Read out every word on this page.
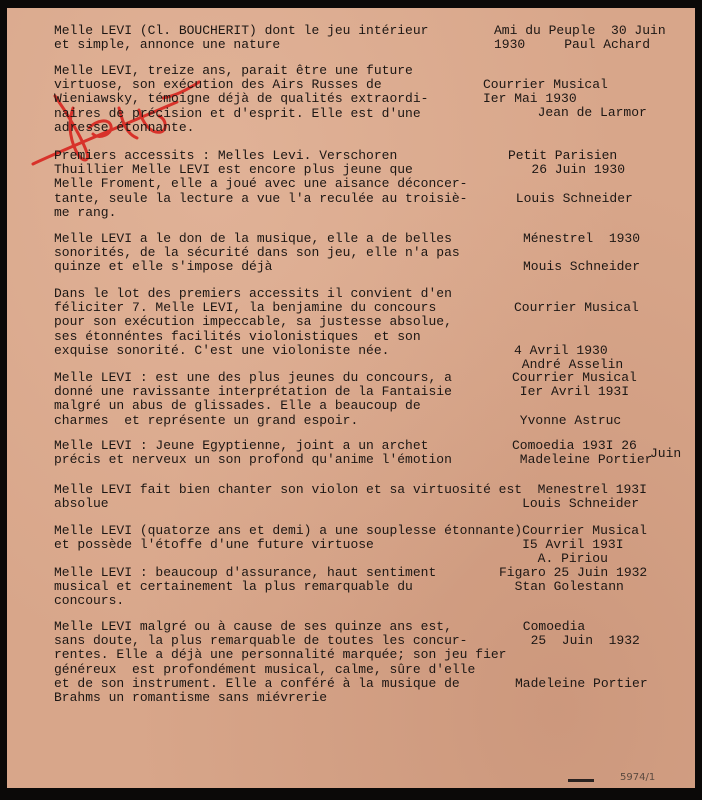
Melle LEVI (Cl. BOUCHERIT) dont le jeu intérieur
et simple, annonce une nature
Ami du Peuple  30 Juin
1930     Paul Achard
Melle LEVI, treize ans, parait être une future
virtuose, son exécution des Airs Russes de
Wieniawsky, témoigne déjà de qualités extraordi-
naires de précision et d'esprit. Elle est d'une
adresse étonnante.
Courrier Musical
Ier Mai 1930
Jean de Larmor
Premiers accessits : Melles Levi. Verschoren
Thuillier Melle LEVI est encore plus jeune que
Melle Froment, elle a joué avec une aisance déconcer-
tante, seule la lecture a vue l'a reculée au troisiè-
me rang.
Petit Parisien
26 Juin 1930

Louis Schneider
Melle LEVI a le don de la musique, elle a de belles
sonorités, de la sécurité dans son jeu, elle n'a pas
quinze et elle s'impose déjà
Ménestrel  1930

Mouis Schneider
Dans le lot des premiers accessits il convient d'en
féliciter 7. Melle LEVI, la benjamine du concours
pour son exécution impeccable, sa justesse absolue,
ses étonnéntes facilités violonistiques  et son
exquise sonorité. C'est une violoniste née.
Courrier Musical

4 Avril 1930
André Asselin
Melle LEVI : est une des plus jeunes du concours, a
donné une ravissante interprétation de la Fantaisie
malgré un abus de glissades. Elle a beaucoup de
charmes  et représente un grand espoir.
Courrier Musical
Ier Avril 193I

Yvonne Astruc
Melle LEVI : Jeune Egyptienne, joint a un archet
précis et nerveux un son profond qu'anime l'émotion
Comoedia 193I 26
Madeleine Portier
Juin
Melle LEVI fait bien chanter son violon et sa virtuosité est  Menestrel 193I
absolue                                                     Louis Schneider
Melle LEVI (quatorze ans et demi) a une souplesse étonnante)Courrier Musical
et possède l'étoffe d'une future virtuose                   I5 Avril 193I
A. Piriou
Melle LEVI : beaucoup d'assurance, haut sentiment
musical et certainement la plus remarquable du
concours.
Figaro 25 Juin 1932
Stan Golestann
Melle LEVI malgré ou à cause de ses quinze ans est,
sans doute, la plus remarquable de toutes les concur-
rentes. Elle a déjà une personnalité marquée; son jeu fier
généreux  est profondément musical, calme, sûre d'elle
et de son instrument. Elle a conféré à la musique de
Brahms un romantisme sans miévrerie
Comoedia
25  Juin  1932

Madeleine Portier
5974/1
